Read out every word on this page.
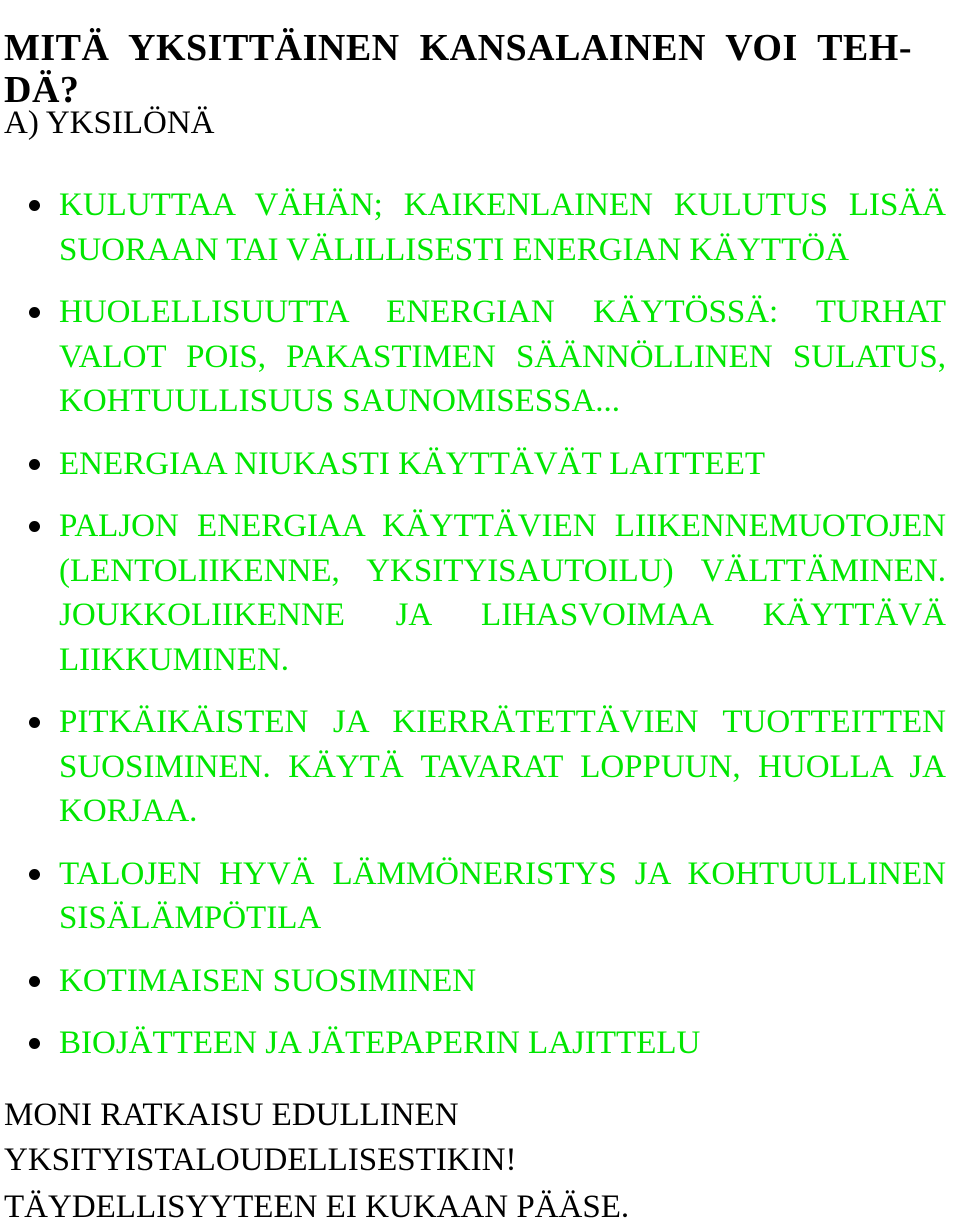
MITÄ YKSITTÄINEN KANSALAINEN VOI TEH-DÄ?
A) YKSILÖNÄ
KULUTTAA VÄHÄN; KAIKENLAINEN KULUTUS LISÄÄ SUORAAN TAI VÄLILLISESTI ENERGIAN KÄYTTÖÄ
HUOLELLISUUTTA ENERGIAN KÄYTÖSSÄ: TURHAT VALOT POIS, PAKASTIMEN SÄÄNNÖLLINEN SULATUS, KOHTUULLISUUS SAUNOMISESSA...
ENERGIAA NIUKASTI KÄYTTÄVÄT LAITTEET
PALJON ENERGIAA KÄYTTÄVIEN LIIKENNEMUOTOJEN (LENTOLIIKENNE, YKSITYISAUTOILU) VÄLTTÄMINEN. JOUKKOLIIKENNE JA LIHASVOIMAA KÄYTTÄVÄ LIIKKUMINEN.
PITKÄIKÄISTEN JA KIERRÄTETTÄVIEN TUOTTEITTEN SUOSIMINEN. KÄYTÄ TAVARAT LOPPUUN, HUOLLA JA KORJAA.
TALOJEN HYVÄ LÄMMÖNERISTYS JA KOHTUULLINEN SISÄLÄMPÖTILA
KOTIMAISEN SUOSIMINEN
BIOJÄTTEEN JA JÄTEPAPERIN LAJITTELU
MONI RATKAISU EDULLINEN YKSITYISTALOUDELLISESTIKIN!
TÄYDELLISYYTEEN EI KUKAAN PÄÄSE.
